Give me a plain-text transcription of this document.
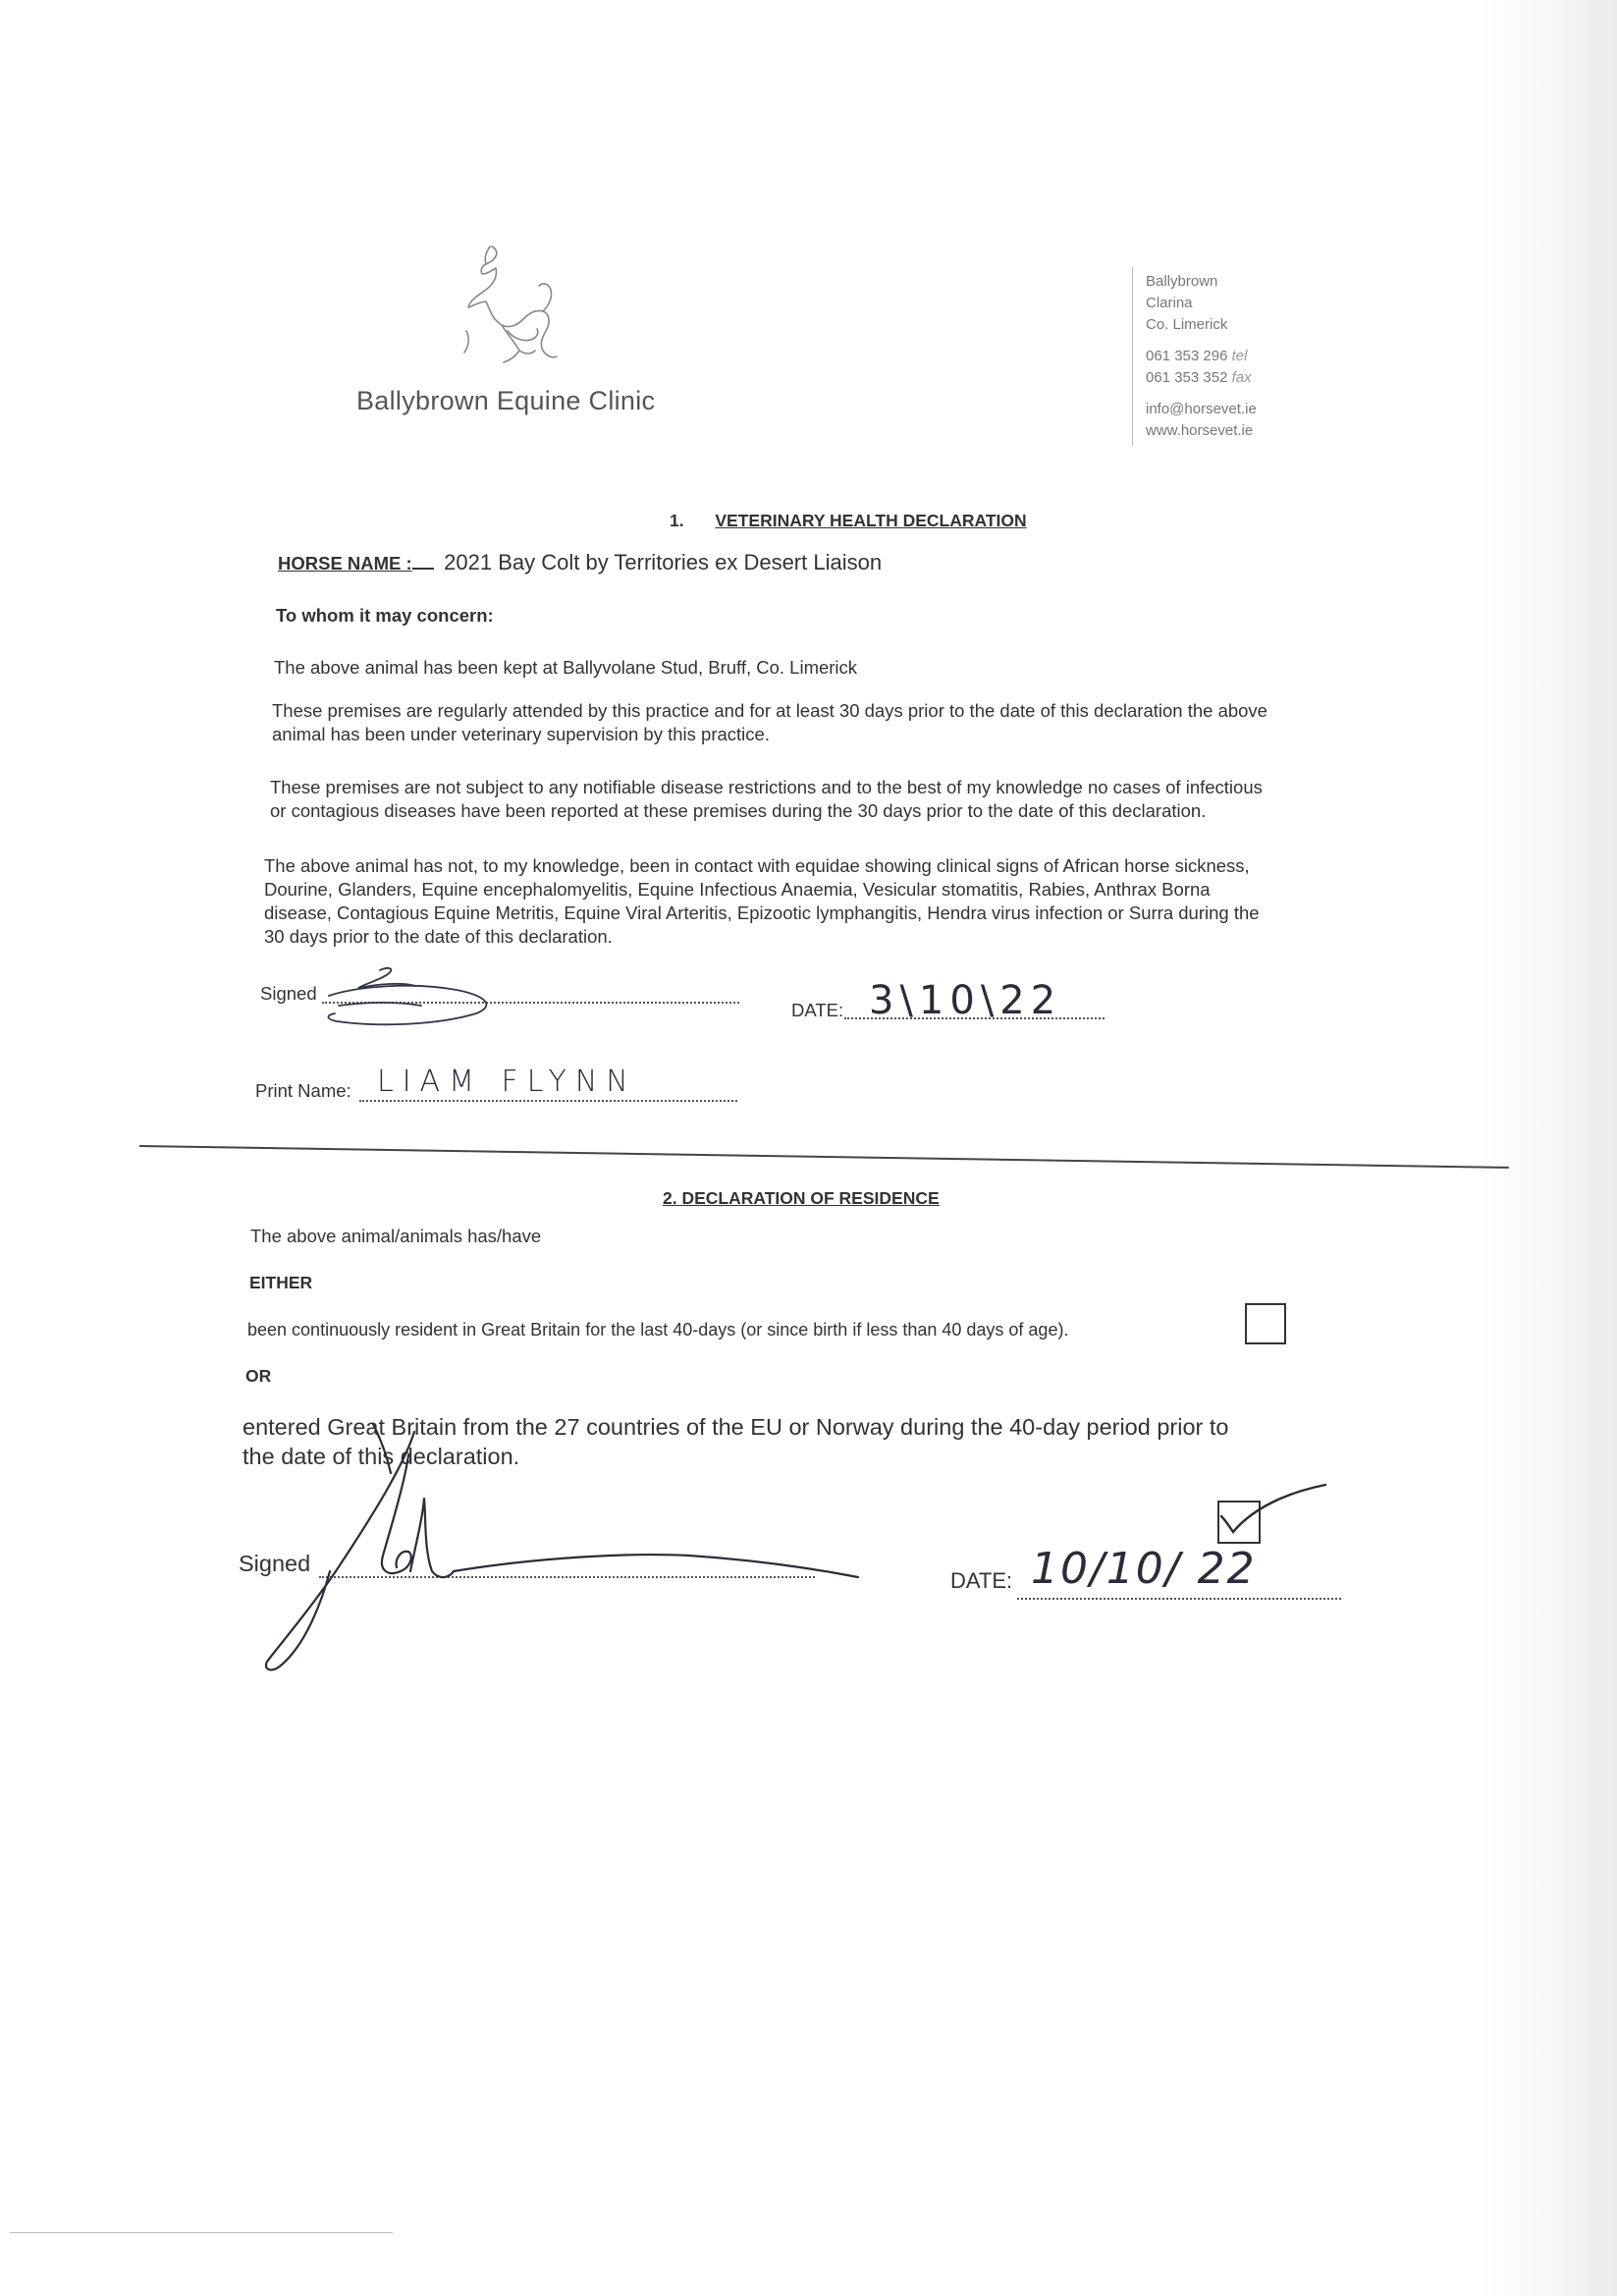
Ballybrown Equine Clinic
Ballybrown
Clarina
Co. Limerick
061 353 296 tel
061 353 352 fax
info@horsevet.ie
www.horsevet.ie
1. VETERINARY HEALTH DECLARATION
HORSE NAME : 2021 Bay Colt by Territories ex Desert Liaison
To whom it may concern:
The above animal has been kept at Ballyvolane Stud, Bruff, Co. Limerick
These premises are regularly attended by this practice and for at least 30 days prior to the date of this declaration the above
animal has been under veterinary supervision by this practice.
These premises are not subject to any notifiable disease restrictions and to the best of my knowledge no cases of infectious
or contagious diseases have been reported at these premises during the 30 days prior to the date of this declaration.
The above animal has not, to my knowledge, been in contact with equidae showing clinical signs of African horse sickness,
Dourine, Glanders, Equine encephalomyelitis, Equine Infectious Anaemia, Vesicular stomatitis, Rabies, Anthrax Borna
disease, Contagious Equine Metritis, Equine Viral Arteritis, Epizootic lymphangitis, Hendra virus infection or Surra during the
30 days prior to the date of this declaration.
Signed
DATE: 3\10\22
Print Name: LIAM FLYNN
2. DECLARATION OF RESIDENCE
The above animal/animals has/have
EITHER
been continuously resident in Great Britain for the last 40-days (or since birth if less than 40 days of age).
OR
entered Great Britain from the 27 countries of the EU or Norway during the 40-day period prior to
the date of this declaration.
Signed
DATE: 10/10/ 22
